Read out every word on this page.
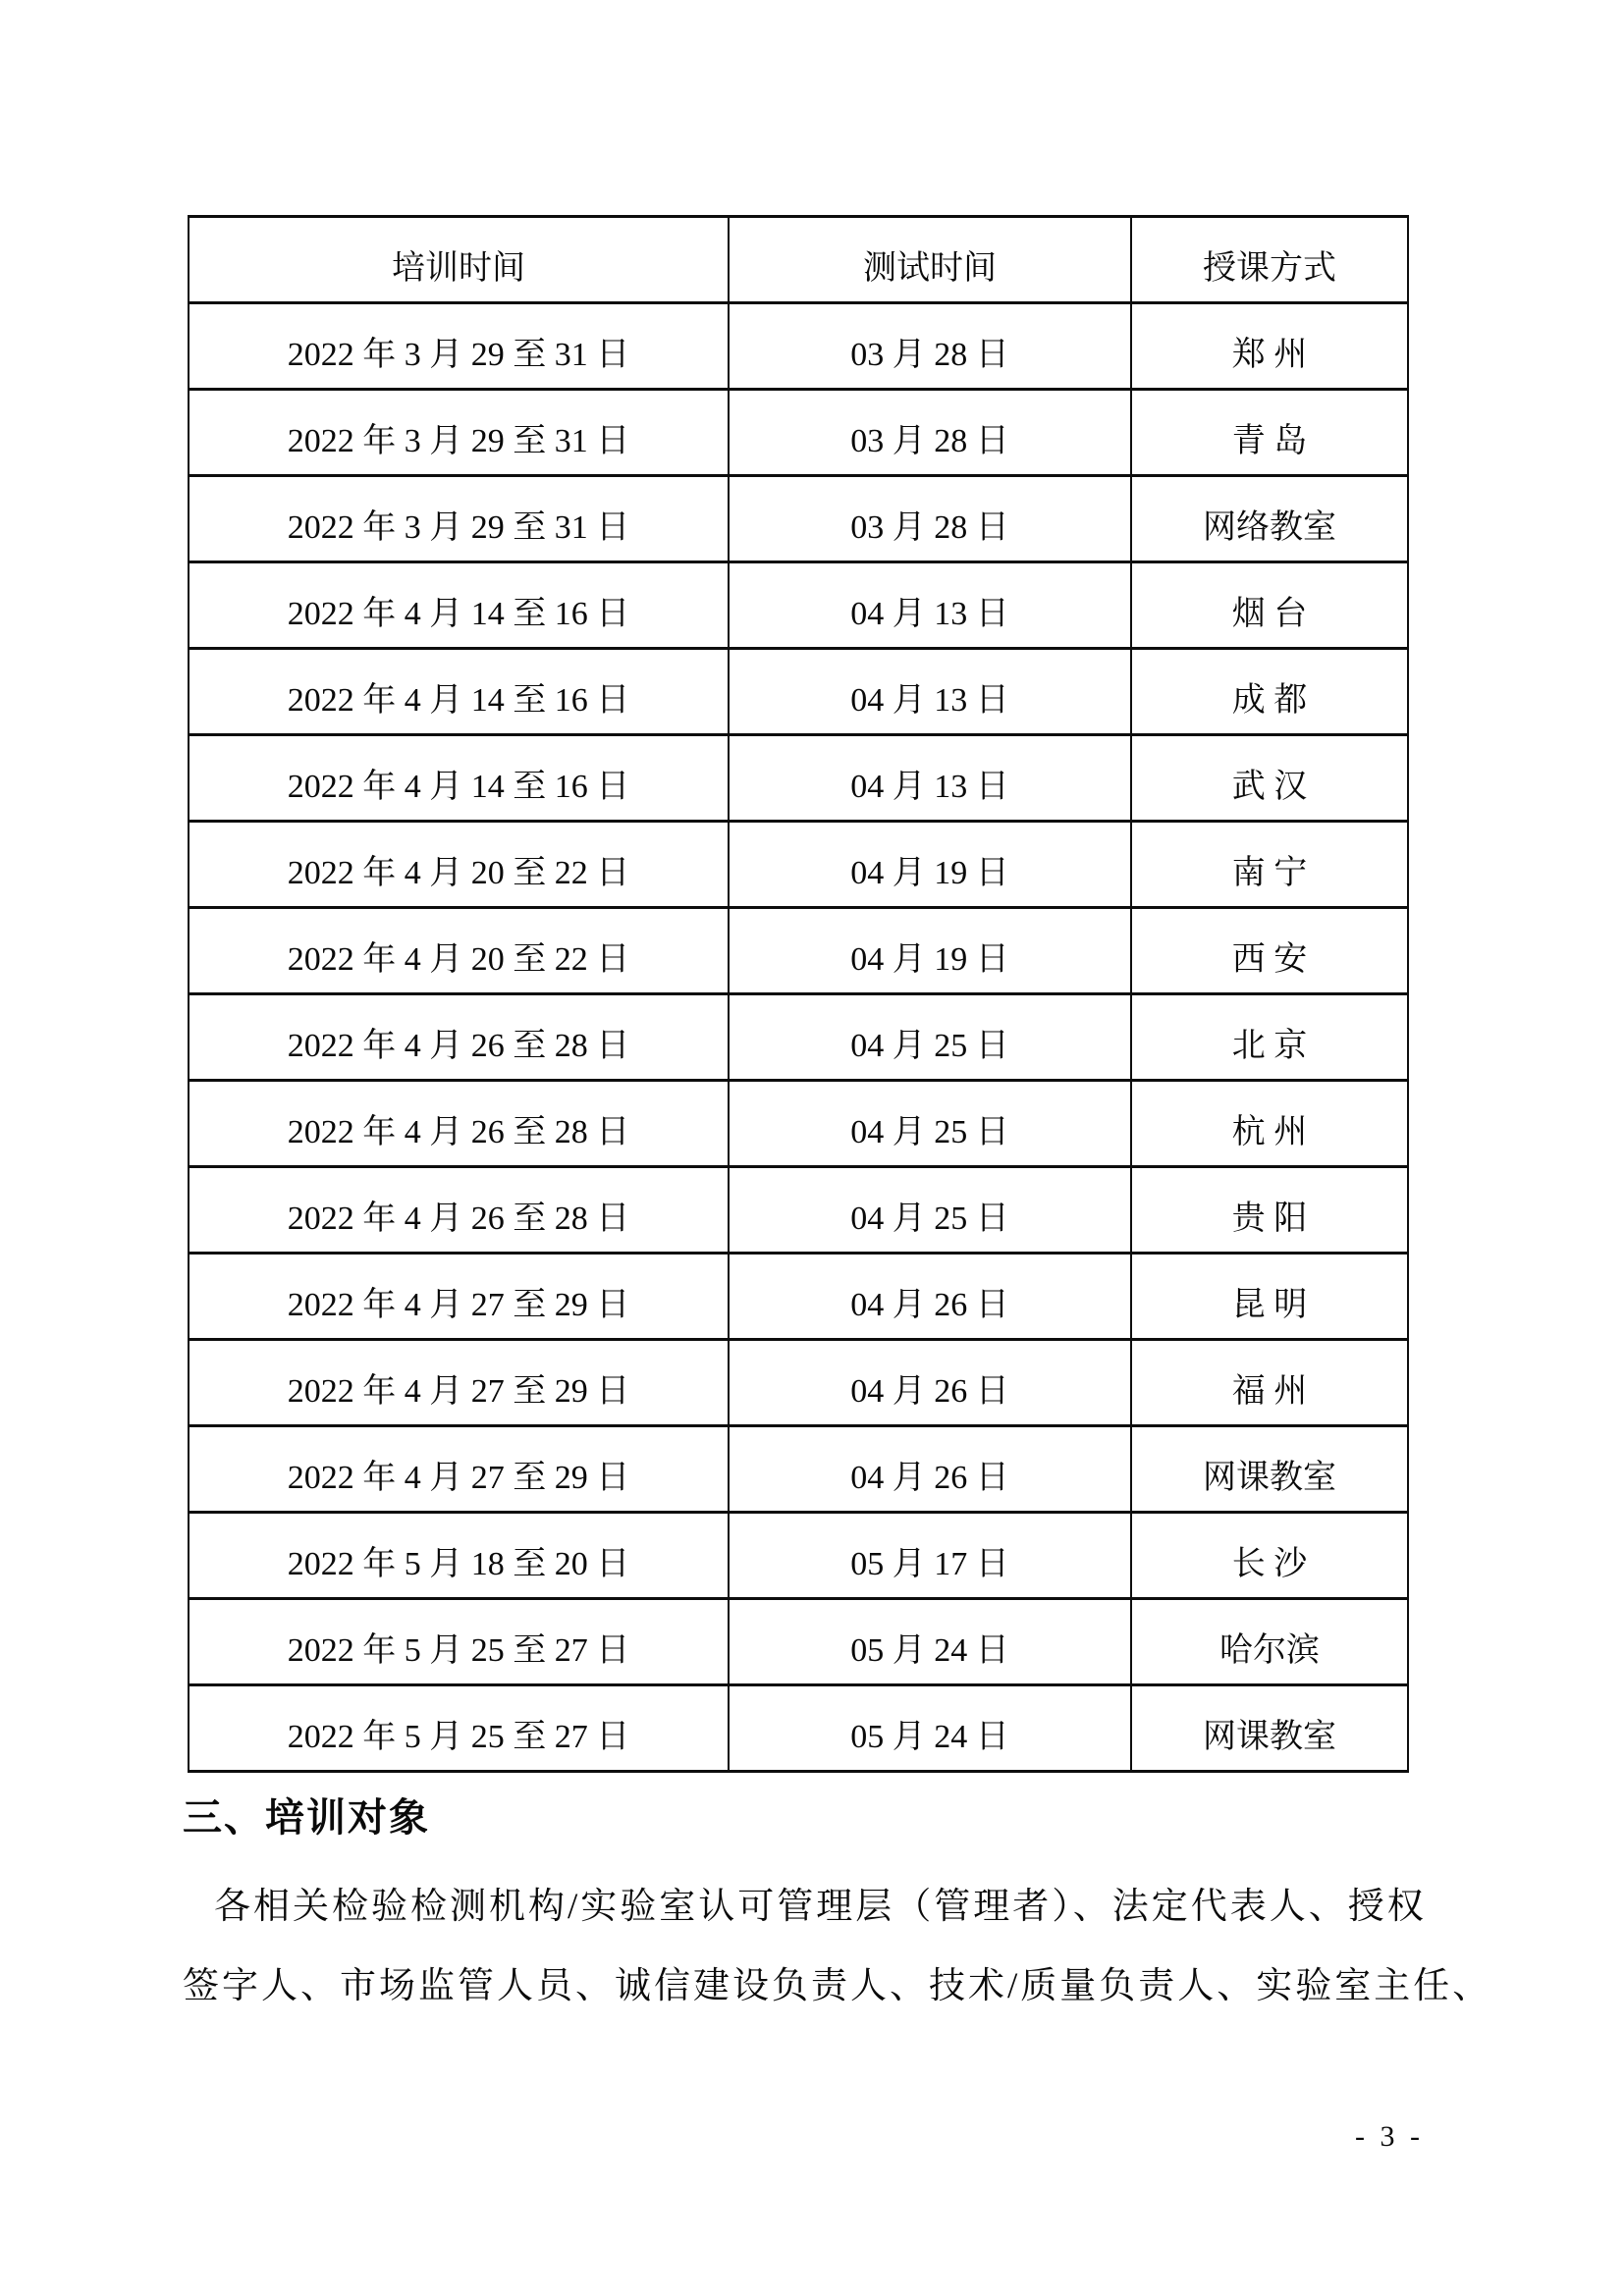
培训时间	测试时间	授课方式
2022 年 3 月 29 至 31 日	03 月 28 日	郑 州
2022 年 3 月 29 至 31 日	03 月 28 日	青 岛
2022 年 3 月 29 至 31 日	03 月 28 日	网络教室
2022 年 4 月 14 至 16 日	04 月 13 日	烟 台
2022 年 4 月 14 至 16 日	04 月 13 日	成 都
2022 年 4 月 14 至 16 日	04 月 13 日	武 汉
2022 年 4 月 20 至 22 日	04 月 19 日	南 宁
2022 年 4 月 20 至 22 日	04 月 19 日	西 安
2022 年 4 月 26 至 28 日	04 月 25 日	北 京
2022 年 4 月 26 至 28 日	04 月 25 日	杭 州
2022 年 4 月 26 至 28 日	04 月 25 日	贵 阳
2022 年 4 月 27 至 29 日	04 月 26 日	昆 明
2022 年 4 月 27 至 29 日	04 月 26 日	福 州
2022 年 4 月 27 至 29 日	04 月 26 日	网课教室
2022 年 5 月 18 至 20 日	05 月 17 日	长 沙
2022 年 5 月 25 至 27 日	05 月 24 日	哈尔滨
2022 年 5 月 25 至 27 日	05 月 24 日	网课教室
三、培训对象
各相关检验检测机构/实验室认可管理层（管理者）、法定代表人、授权
签字人、市场监管人员、诚信建设负责人、技术/质量负责人、实验室主任、
- 3 -
